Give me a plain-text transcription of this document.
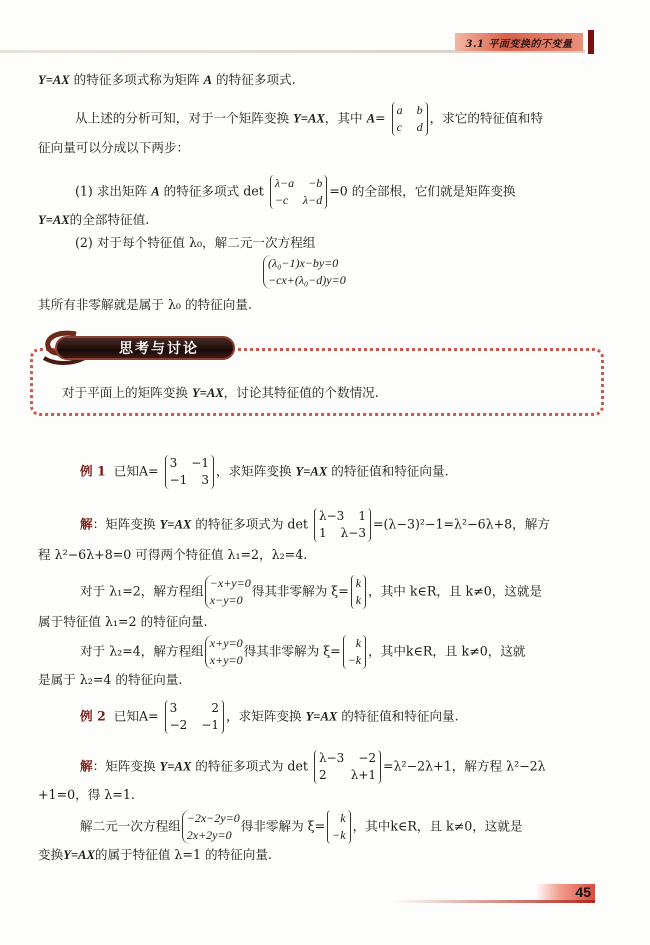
3.1 平面变换的不变量
Y=AX 的特征多项式称为矩阵 A 的特征多项式.
从上述的分析可知，对于一个矩阵变换 Y=AX，其中 A=
a b
c d
，求它的特征值和特
征向量可以分成以下两步：
(1) 求出矩阵 A 的特征多项式 det
λ−a −b
−c λ−d
=0 的全部根，它们就是矩阵变换
Y=AX的全部特征值.
(2) 对于每个特征值 λ₀，解二元一次方程组
(λ₀−1)x−by=0
−cx+(λ₀−d)y=0
其所有非零解就是属于 λ₀ 的特征向量.
思考与讨论
对于平面上的矩阵变换 Y=AX，讨论其特征值的个数情况.
例 1 已知A=
3 −1
−1 3
，求矩阵变换 Y=AX 的特征值和特征向量.
解：矩阵变换 Y=AX 的特征多项式为 det
λ−3 1
1 λ−3
=(λ−3)²−1=λ²−6λ+8，解方
程 λ²−6λ+8=0 可得两个特征值 λ₁=2，λ₂=4.
对于 λ₁=2，解方程组
−x+y=0
x−y=0
得其非零解为 ξ=
k
k
，其中 k∈R，且 k≠0，这就是
属于特征值 λ₁=2 的特征向量.
对于 λ₂=4，解方程组
x+y=0
x+y=0
得其非零解为 ξ=
k
−k
，其中k∈R，且 k≠0，这就
是属于 λ₂=4 的特征向量.
例 2 已知A=
3	2
−2 −1
，求矩阵变换 Y=AX 的特征值和特征向量.
解：矩阵变换 Y=AX 的特征多项式为 det
λ−3 −2
2 λ+1
=λ²−2λ+1，解方程 λ²−2λ
+1=0，得 λ=1.
解二元一次方程组
−2x−2y=0
2x+2y=0
得非零解为 ξ=
k
−k
，其中k∈R，且 k≠0，这就是
变换Y=AX的属于特征值 λ=1 的特征向量.
45
